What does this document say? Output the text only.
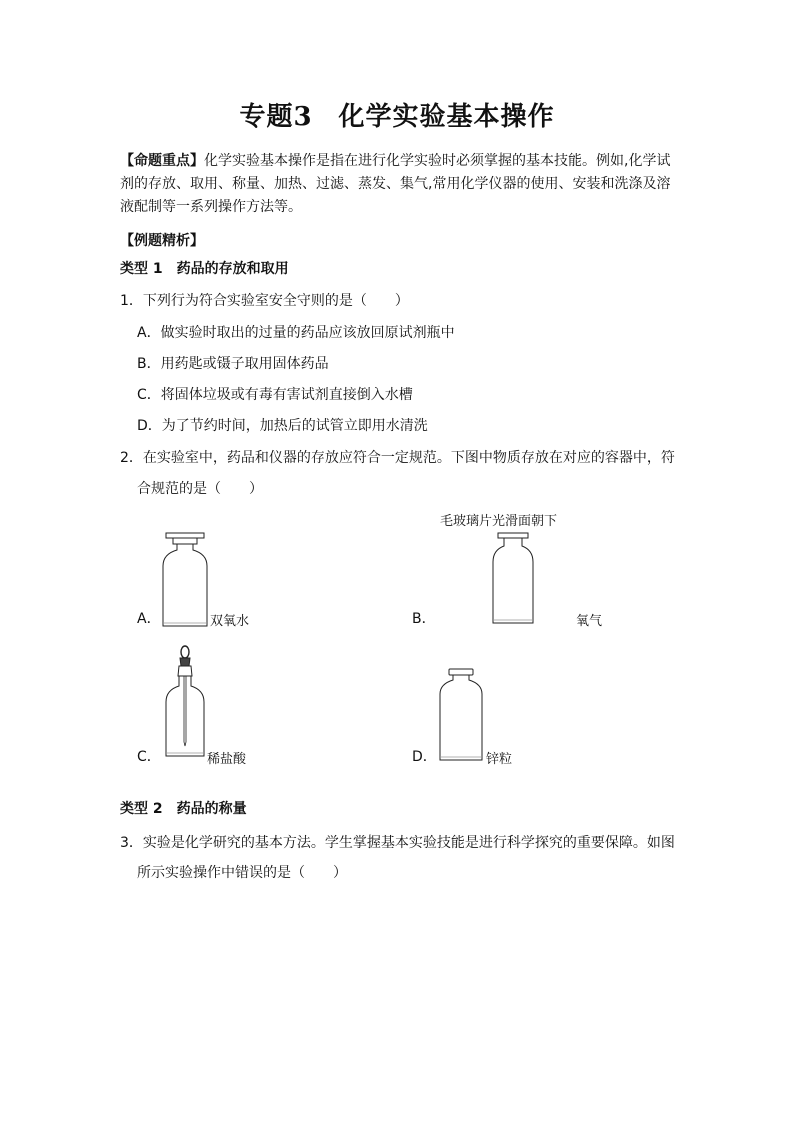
专题3 化学实验基本操作
【命题重点】化学实验基本操作是指在进行化学实验时必须掌握的基本技能。例如,化学试剂的存放、取用、称量、加热、过滤、蒸发、集气,常用化学仪器的使用、安装和洗涤及溶液配制等一系列操作方法等。
【例题精析】
类型 1 药品的存放和取用
1．下列行为符合实验室安全守则的是（　　）
A．做实验时取出的过量的药品应该放回原试剂瓶中
B．用药匙或镊子取用固体药品
C．将固体垃圾或有毒有害试剂直接倒入水槽
D．为了节约时间，加热后的试管立即用水清洗
2．在实验室中，药品和仪器的存放应符合一定规范。下图中物质存放在对应的容器中，符
合规范的是（　　）
毛玻璃片光滑面朝下
A．	双氧水	B．	氧气
C．	稀盐酸	D．	锌粒
类型 2 药品的称量
3．实验是化学研究的基本方法。学生掌握基本实验技能是进行科学探究的重要保障。如图
所示实验操作中错误的是（　　）
